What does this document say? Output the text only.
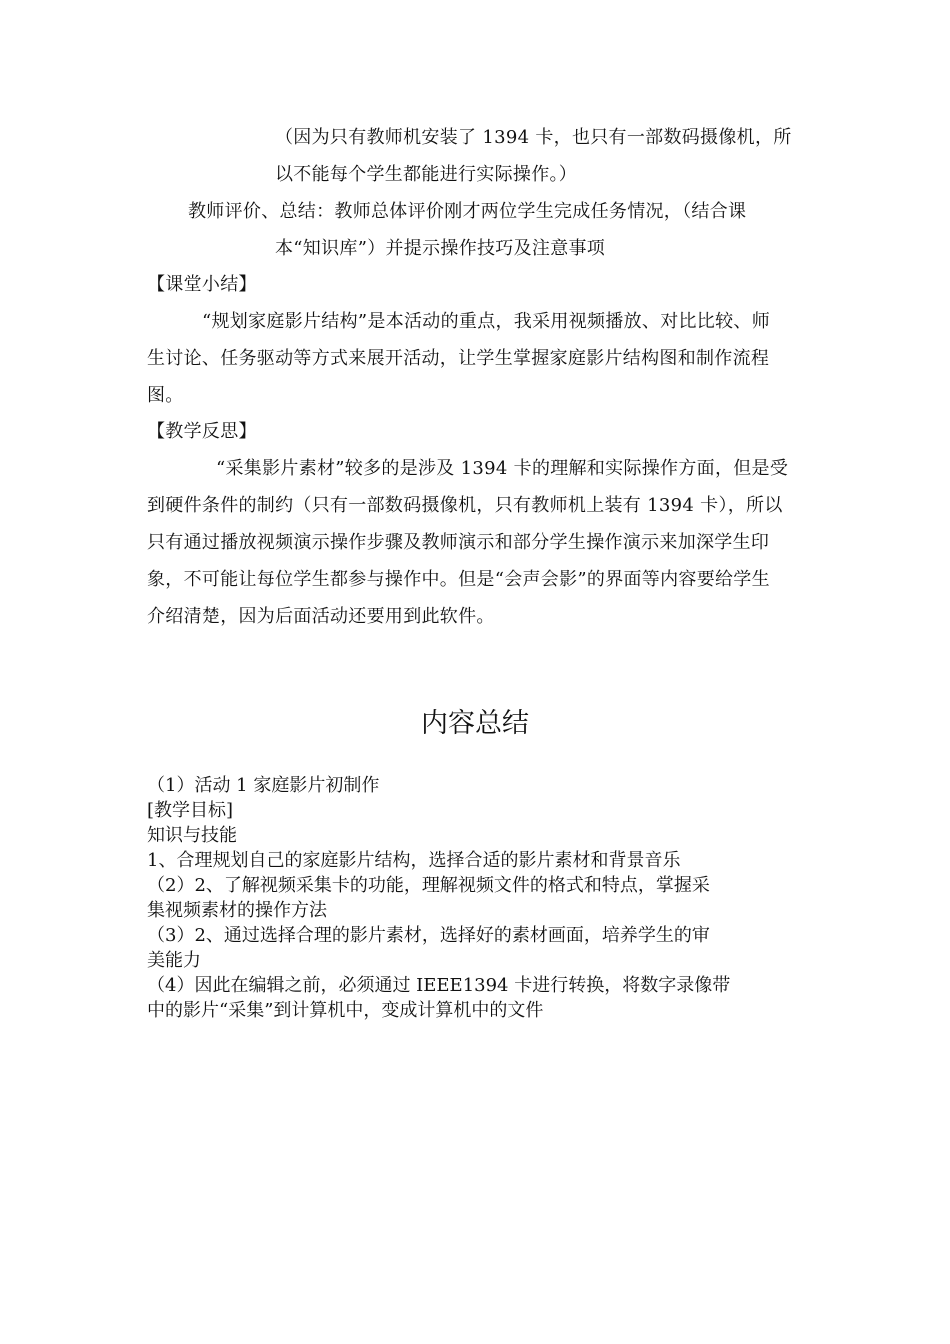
（因为只有教师机安装了 1394 卡，也只有一部数码摄像机，所
以不能每个学生都能进行实际操作。）
教师评价、总结：教师总体评价刚才两位学生完成任务情况，（结合课
本“知识库”）并提示操作技巧及注意事项
【课堂小结】
“规划家庭影片结构”是本活动的重点，我采用视频播放、对比比较、师
生讨论、任务驱动等方式来展开活动，让学生掌握家庭影片结构图和制作流程
图。
【教学反思】
“采集影片素材”较多的是涉及 1394 卡的理解和实际操作方面，但是受
到硬件条件的制约（只有一部数码摄像机，只有教师机上装有 1394 卡），所以
只有通过播放视频演示操作步骤及教师演示和部分学生操作演示来加深学生印
象，不可能让每位学生都参与操作中。但是“会声会影”的界面等内容要给学生
介绍清楚，因为后面活动还要用到此软件。
内容总结
（1）活动 1 家庭影片初制作
[教学目标]
知识与技能
1、合理规划自己的家庭影片结构，选择合适的影片素材和背景音乐
（2）2、了解视频采集卡的功能，理解视频文件的格式和特点，掌握采
集视频素材的操作方法
（3）2、通过选择合理的影片素材，选择好的素材画面，培养学生的审
美能力
（4）因此在编辑之前，必须通过 IEEE1394 卡进行转换，将数字录像带
中的影片“采集”到计算机中，变成计算机中的文件
